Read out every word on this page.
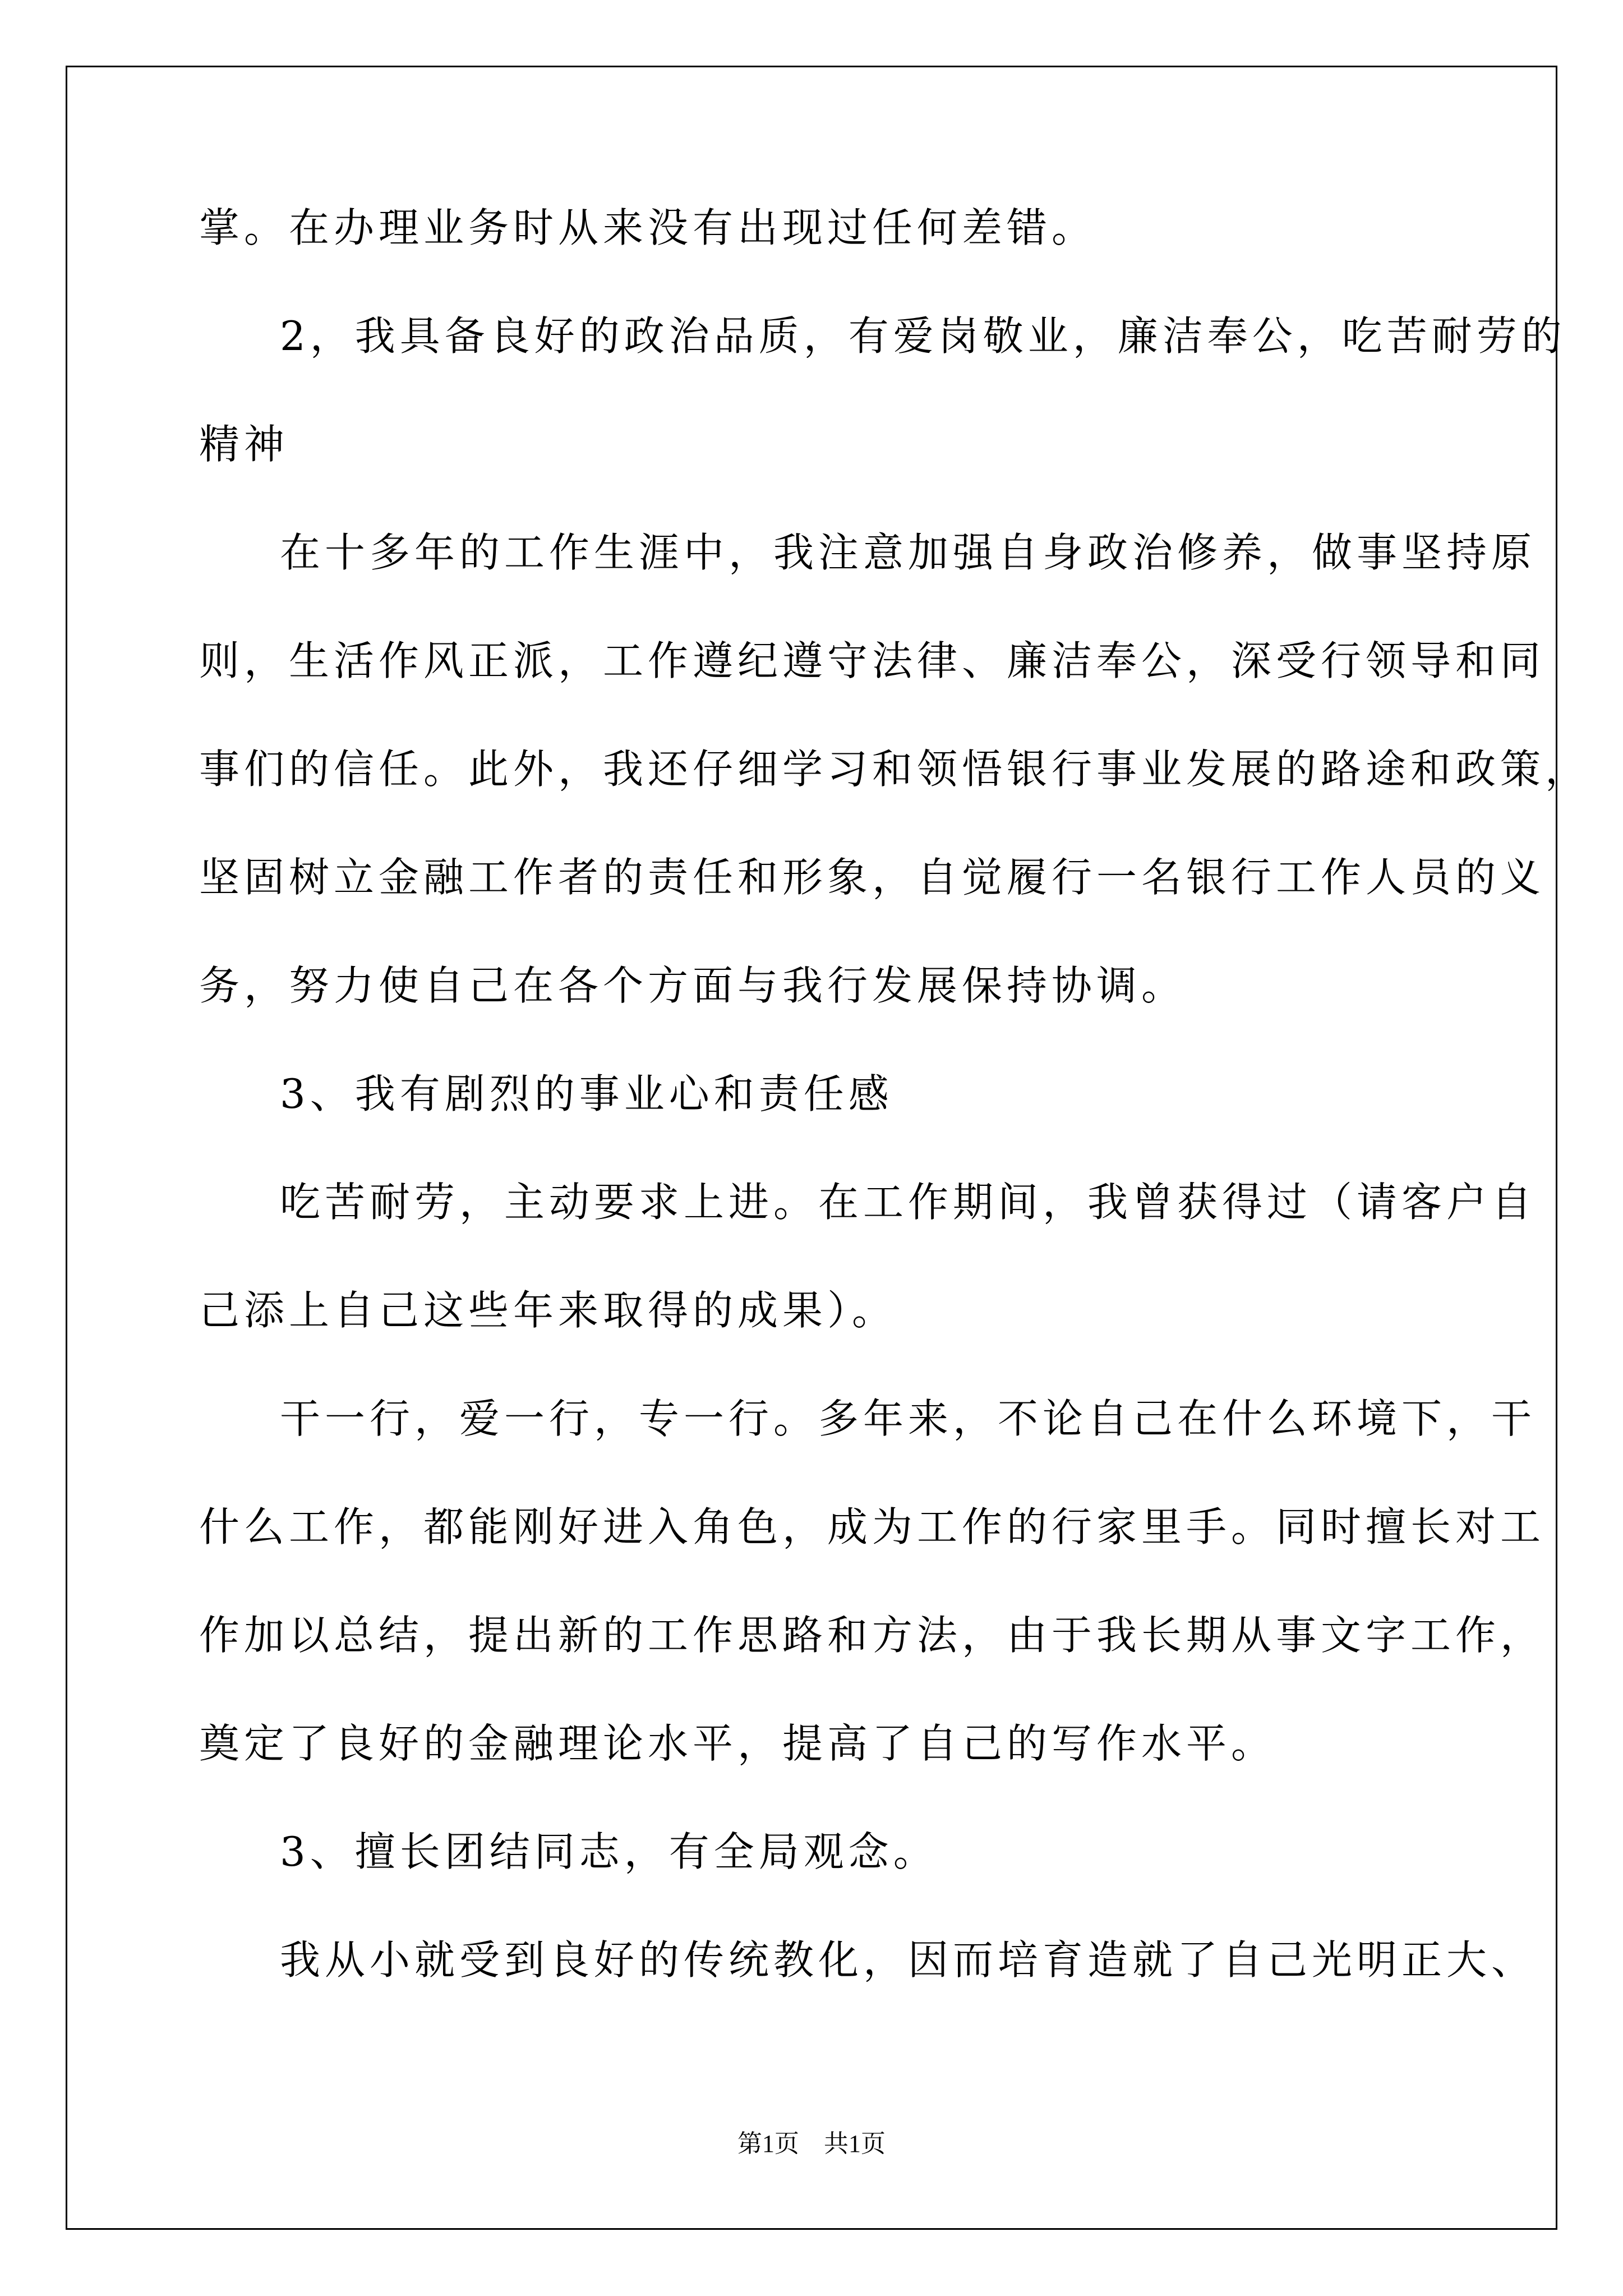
掌。在办理业务时从来没有出现过任何差错。

2，我具备良好的政治品质，有爱岗敬业，廉洁奉公，吃苦耐劳的

精神

在十多年的工作生涯中，我注意加强自身政治修养，做事坚持原

则，生活作风正派，工作遵纪遵守法律、廉洁奉公，深受行领导和同

事们的信任。此外，我还仔细学习和领悟银行事业发展的路途和政策，

坚固树立金融工作者的责任和形象，自觉履行一名银行工作人员的义

务，努力使自己在各个方面与我行发展保持协调。

3、我有剧烈的事业心和责任感

吃苦耐劳，主动要求上进。在工作期间，我曾获得过（请客户自

己添上自己这些年来取得的成果）。

干一行，爱一行，专一行。多年来，不论自己在什么环境下，干

什么工作，都能刚好进入角色，成为工作的行家里手。同时擅长对工

作加以总结，提出新的工作思路和方法，由于我长期从事文字工作，

奠定了良好的金融理论水平，提高了自己的写作水平。

3、擅长团结同志，有全局观念。

我从小就受到良好的传统教化，因而培育造就了自己光明正大、

第1页 共1页
